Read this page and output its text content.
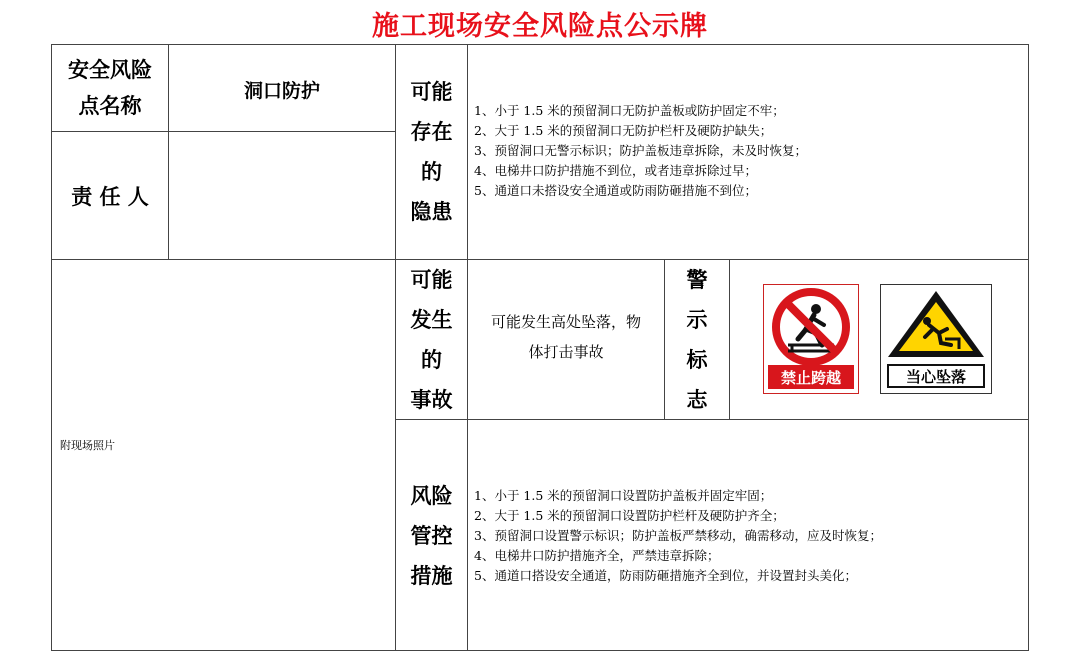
施工现场安全风险点公示牌
安全风险
点名称
洞口防护
责 任 人
可能
存在
的
隐患
1、小于 1.5 米的预留洞口无防护盖板或防护固定不牢；
2、大于 1.5 米的预留洞口无防护栏杆及硬防护缺失；
3、预留洞口无警示标识；防护盖板违章拆除，未及时恢复；
4、电梯井口防护措施不到位，或者违章拆除过早；
5、通道口未搭设安全通道或防雨防砸措施不到位；
可能
发生
的
事故
可能发生高处坠落，物
体打击事故
警
示
标
志
禁止跨越	当心坠落
附现场照片
风险
管控
措施
1、小于 1.5 米的预留洞口设置防护盖板并固定牢固；
2、大于 1.5 米的预留洞口设置防护栏杆及硬防护齐全；
3、预留洞口设置警示标识；防护盖板严禁移动，确需移动，应及时恢复；
4、电梯井口防护措施齐全，严禁违章拆除；
5、通道口搭设安全通道，防雨防砸措施齐全到位，并设置封头美化；
